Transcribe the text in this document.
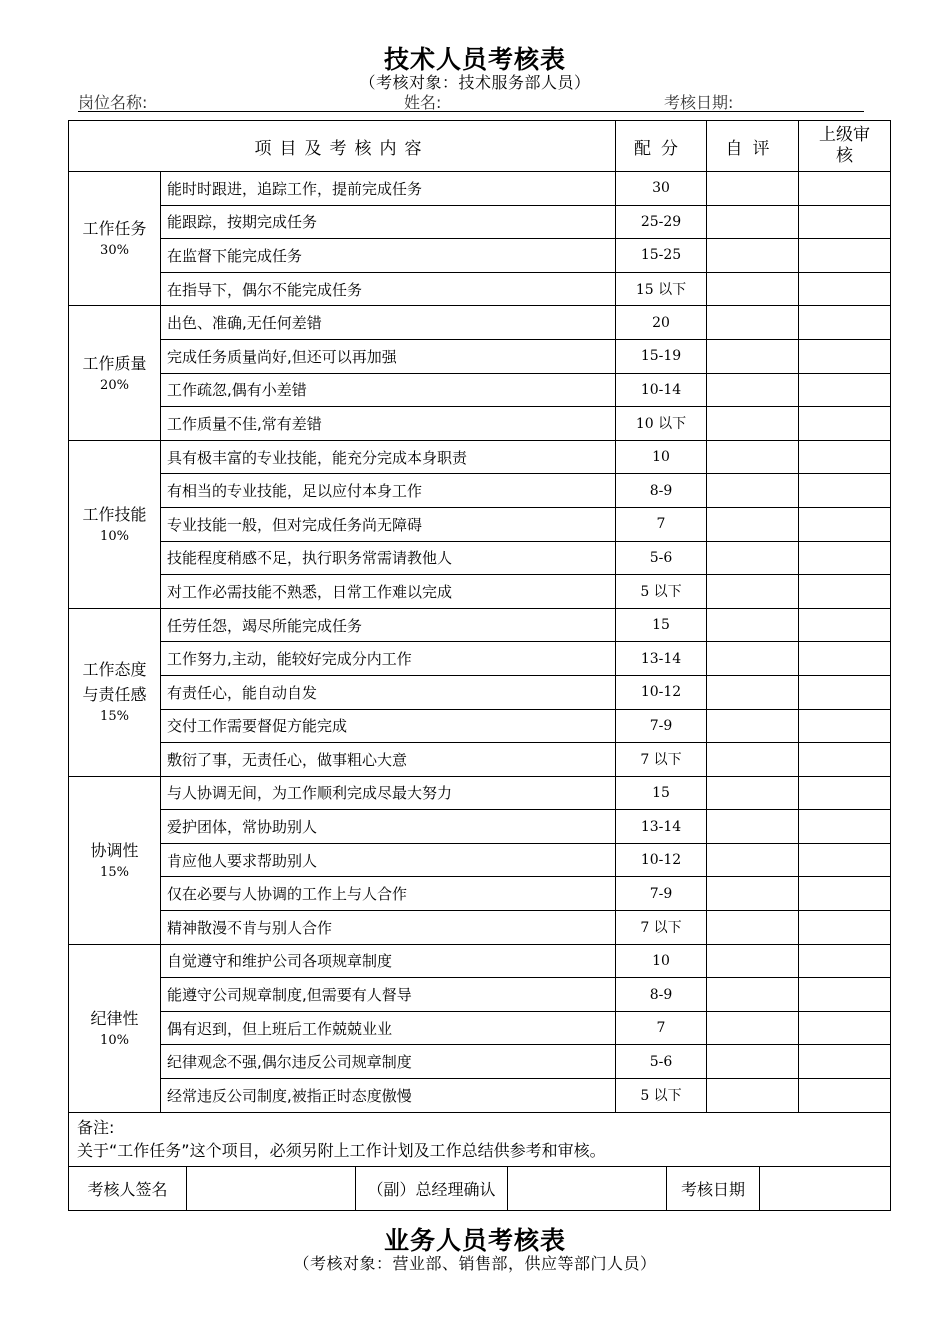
技术人员考核表
（考核对象：技术服务部人员）
岗位名称:	姓名:	考核日期:
项目及考核内容	配分	自评	上级审核

工作任务
30%
	能时时跟进，追踪工作，提前完成任务	30		
能跟踪，按期完成任务	25-29		
在监督下能完成任务	15-25		
在指导下，偶尔不能完成任务	15 以下		

工作质量
20%
	出色、准确,无任何差错	20		
完成任务质量尚好,但还可以再加强	15-19		
工作疏忽,偶有小差错	10-14		
工作质量不佳,常有差错	10 以下		

工作技能
10%
	具有极丰富的专业技能，能充分完成本身职责	10		
有相当的专业技能，足以应付本身工作	8-9		
专业技能一般，但对完成任务尚无障碍	7		
技能程度稍感不足，执行职务常需请教他人	5-6		
对工作必需技能不熟悉，日常工作难以完成	5 以下		

工作态度
与责任感
15%
	任劳任怨，竭尽所能完成任务	15		
工作努力,主动，能较好完成分内工作	13-14		
有责任心，能自动自发	10-12		
交付工作需要督促方能完成	7-9		
敷衍了事，无责任心，做事粗心大意	7 以下		

协调性
15%
	与人协调无间，为工作顺利完成尽最大努力	15		
爱护团体，常协助别人	13-14		
肯应他人要求帮助别人	10-12		
仅在必要与人协调的工作上与人合作	7-9		
精神散漫不肯与别人合作	7 以下		

纪律性
10%
	自觉遵守和维护公司各项规章制度	10		
能遵守公司规章制度,但需要有人督导	8-9		
偶有迟到，但上班后工作兢兢业业	7		
纪律观念不强,偶尔违反公司规章制度	5-6		
经常违反公司制度,被指正时态度傲慢	5 以下		

备注:
关于“工作任务”这个项目，必须另附上工作计划及工作总结供参考和审核。

考核人签名		（副）总经理确认		考核日期	
业务人员考核表
（考核对象：营业部、销售部，供应等部门人员）
